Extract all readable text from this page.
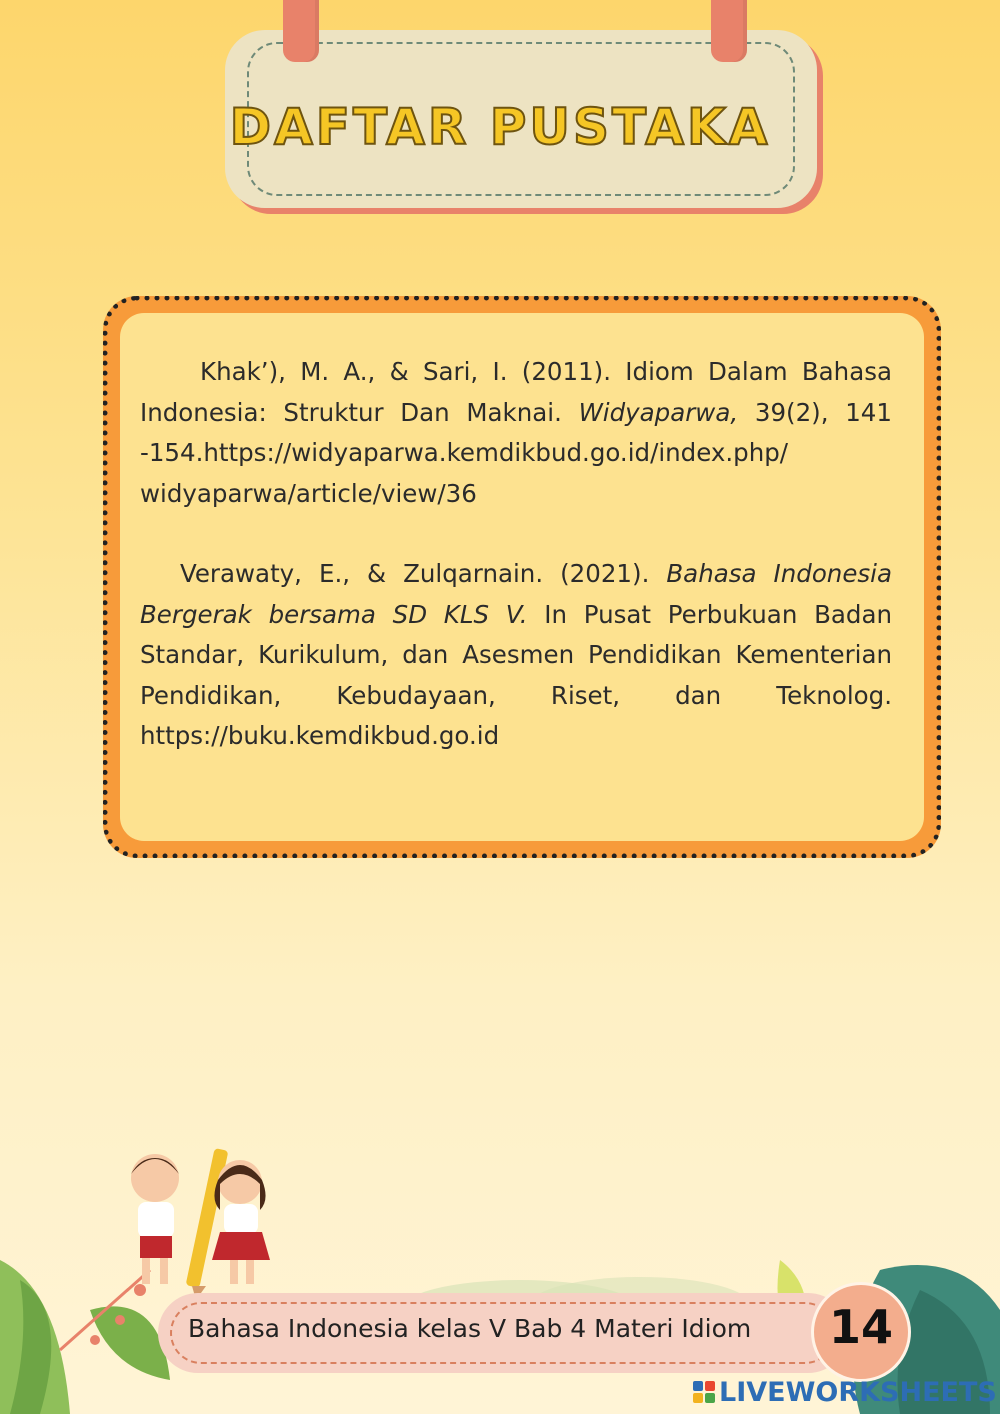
DAFTAR PUSTAKA

Khak’), M. A., & Sari, I. (2011). Idiom Dalam Bahasa Indonesia: Struktur Dan Maknai. Widyaparwa, 39(2), 141 -154.https://widyaparwa.kemdikbud.go.id/index.php/ widyaparwa/article/view/36

Verawaty, E., & Zulqarnain. (2021). Bahasa Indonesia Bergerak bersama SD KLS V. In Pusat Perbukuan Badan Standar, Kurikulum, dan Asesmen Pendidikan Kementerian Pendidikan, Kebudayaan, Riset, dan Teknolog. https://buku.kemdikbud.go.id

Bahasa Indonesia kelas V Bab 4 Materi Idiom	14
LIVEWORKSHEETS
